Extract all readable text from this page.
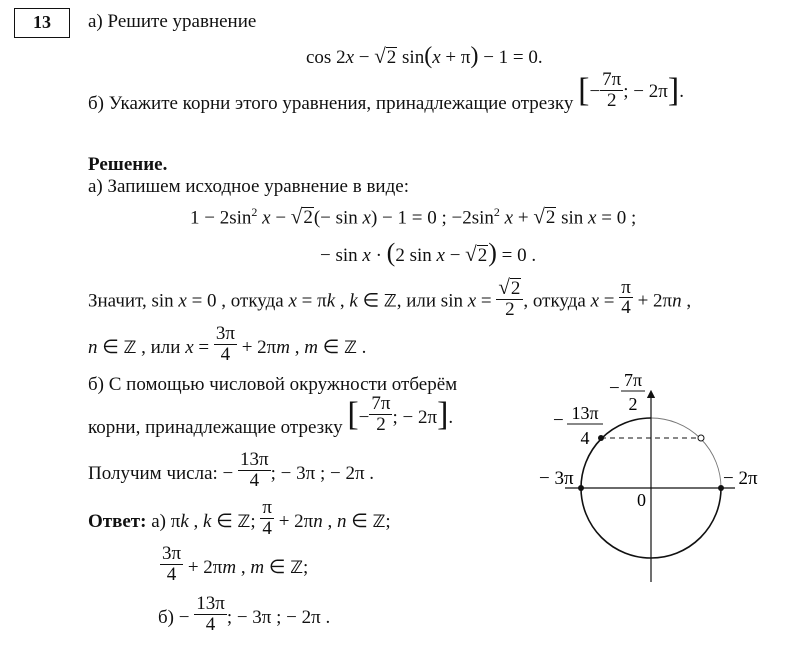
13	а) Решите уравнение
cos 2x − √2 sin(x + π) − 1 = 0.
б) Укажите корни этого уравнения, принадлежащие отрезку [− $\frac{7\pi}{2}$ ; − 2π].
Решение.
а) Запишем исходное уравнение в виде:
$1 - 2\sin^2$ x − √2(− sin x) − 1 = 0 ; $-2\sin^2$ x + √2 sin x = 0 ;
− sin x · (2 sin x − √2) = 0 .
Значит, sin x = 0 , откуда x = πk , k ∈ ℤ, или $\sin x = \frac{√2}{2}$ , откуда $x = \frac{\pi}{4} + 2\pi n$ ,
n ∈ ℤ , или $x = \frac{3\pi}{4} + 2\pi m$ , m ∈ ℤ .
б) С помощью числовой окружности отберём
корни, принадлежащие отрезку [− $\frac{7\pi}{2}$ ; − 2π].
Получим числа: − $\frac{13\pi}{4}$ ; − 3π ; − 2π .
Ответ: а) πk , k ∈ ℤ; $\frac{\pi}{4} + 2\pi n$ , n ∈ ℤ;
$\frac{3\pi}{4} + 2\pi m$ , m ∈ ℤ;
$б) - \frac{13\pi}{4}$ ; − 3π ; − 2π .
− 7π
2
− 13π
4
− 3π	− 2π
0
